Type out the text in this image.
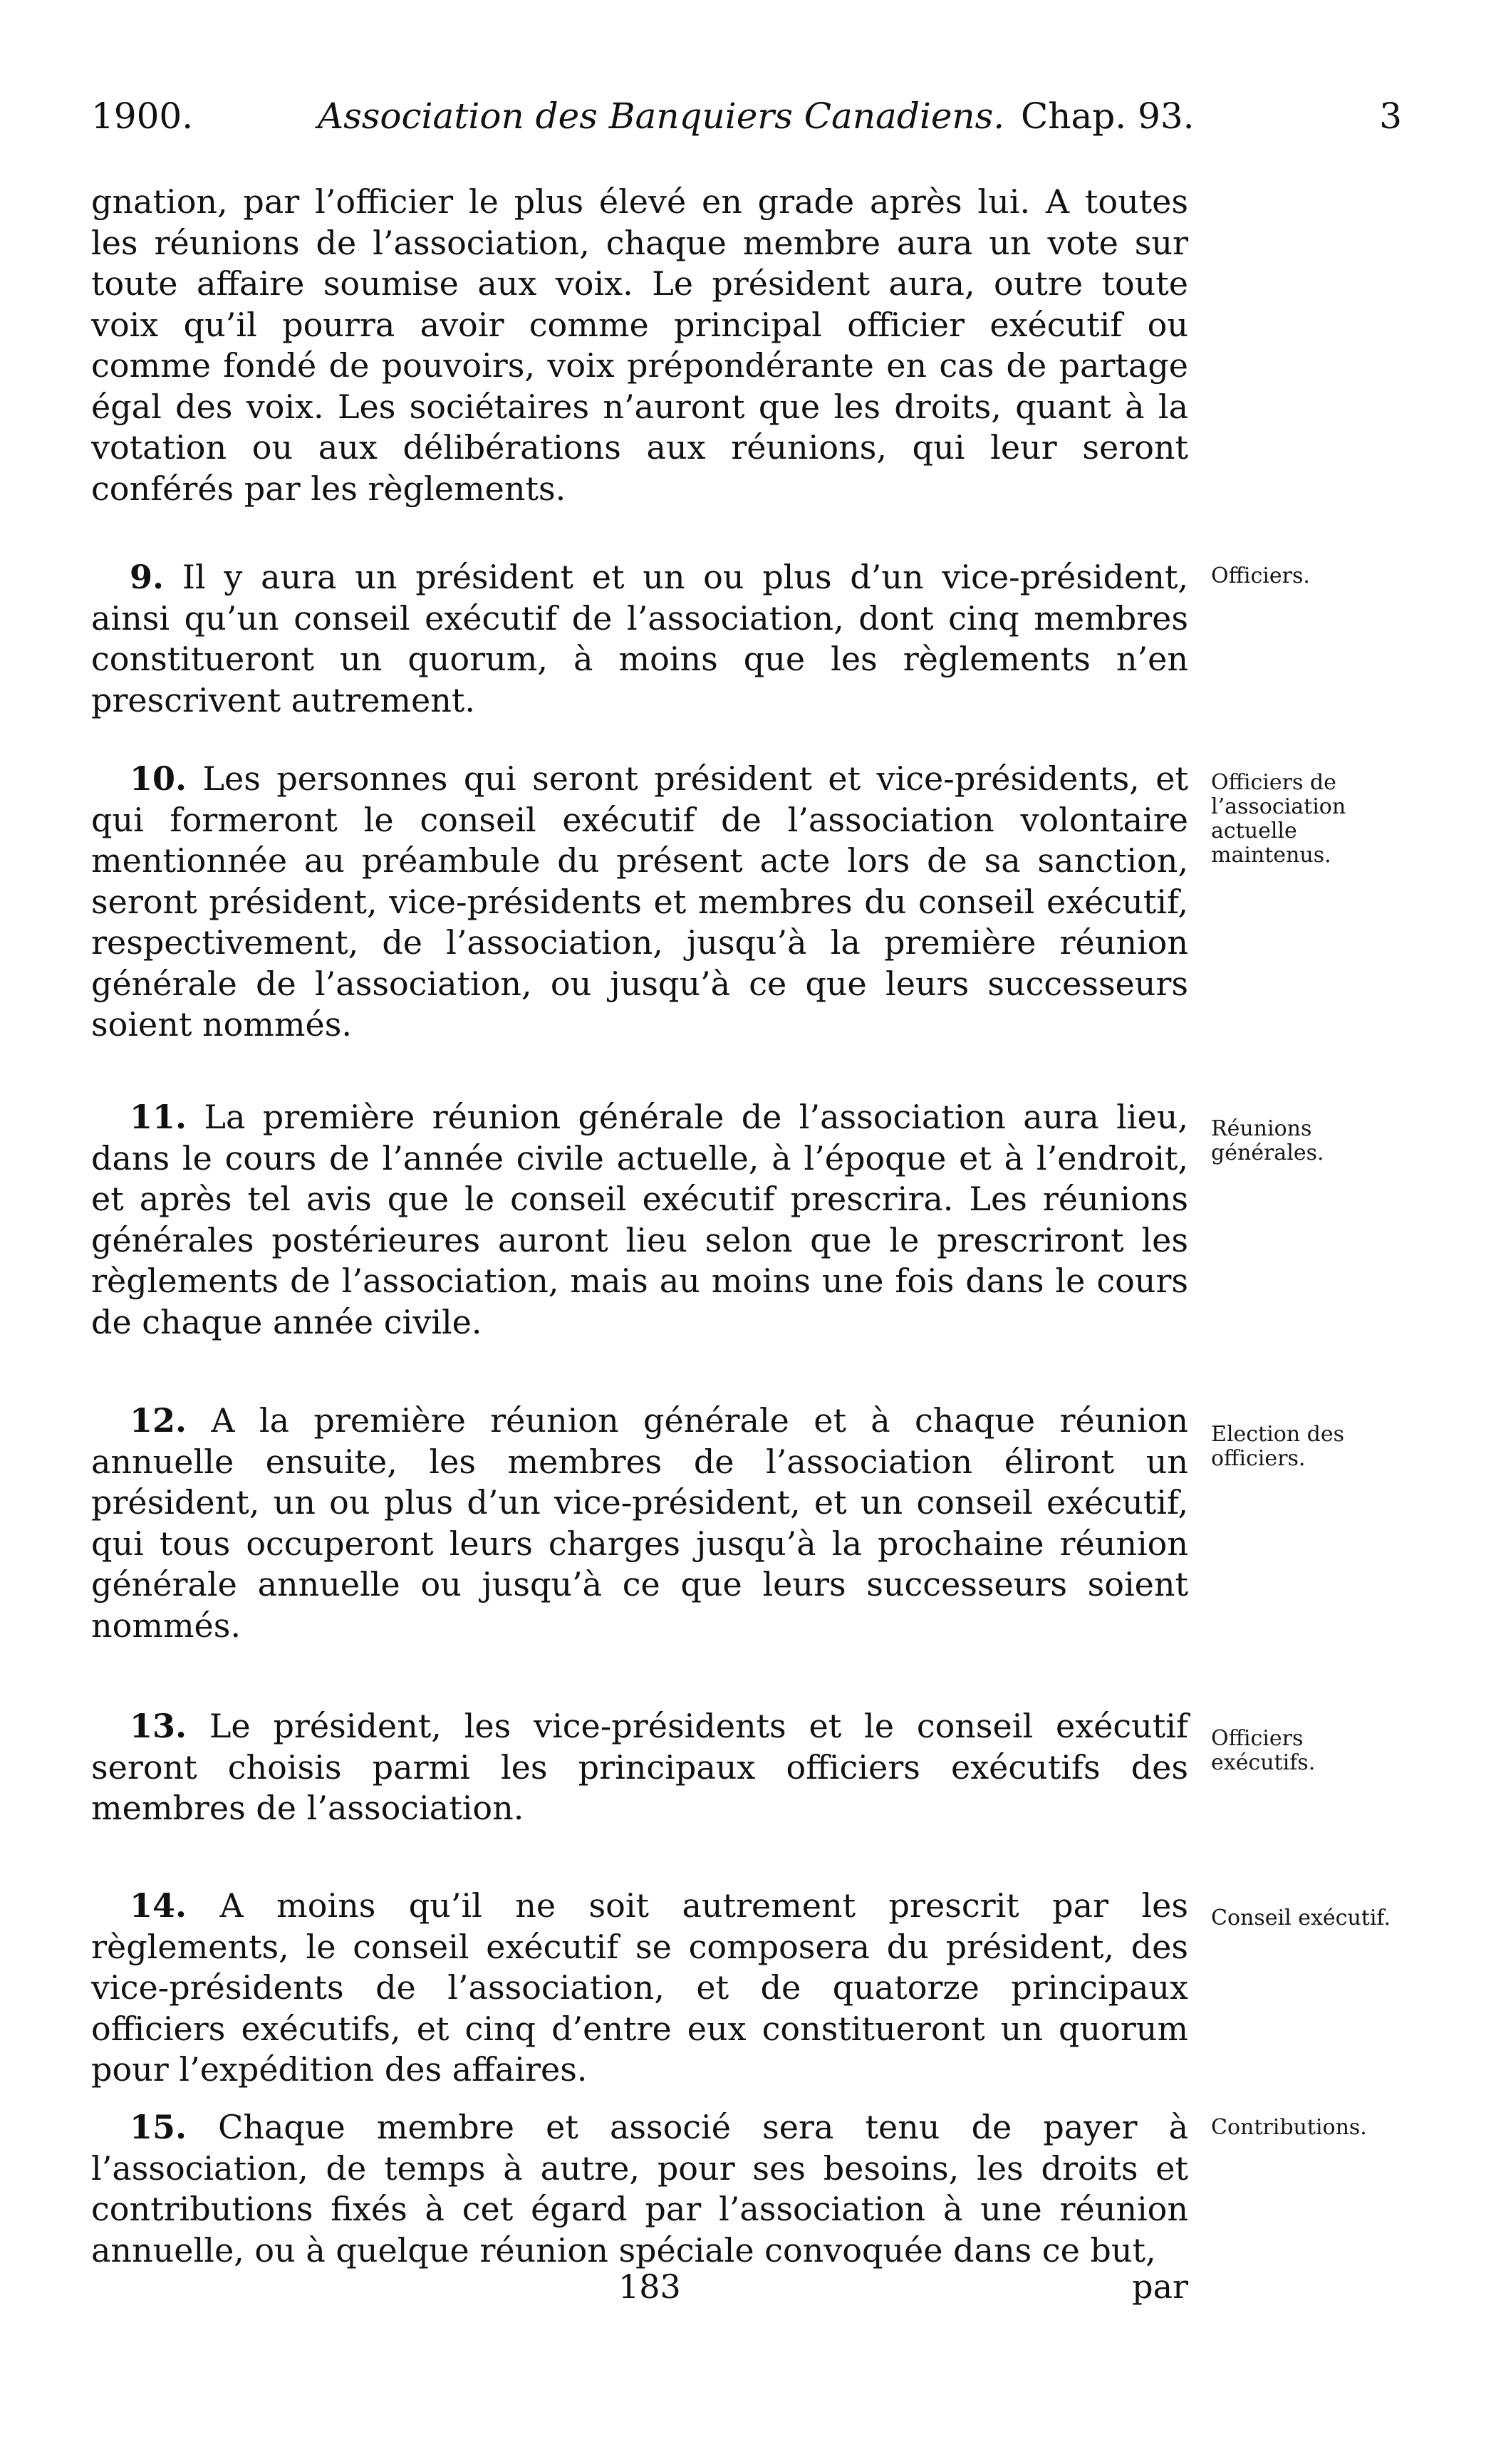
1900.	Association des Banquiers Canadiens. Chap. 93.	3

gnation, par l’officier le plus élevé en grade après lui. A toutes les réunions de l’association, chaque membre aura un vote sur toute affaire soumise aux voix. Le président aura, outre toute voix qu’il pourra avoir comme principal officier exécutif ou comme fondé de pouvoirs, voix prépondérante en cas de partage égal des voix. Les sociétaires n’auront que les droits, quant à la votation ou aux délibérations aux réunions, qui leur seront conférés par les règlements.

9. Il y aura un président et un ou plus d’un vice-président, ainsi qu’un conseil exécutif de l’association, dont cinq membres constitueront un quorum, à moins que les règlements n’en prescrivent autrement.

Officiers.

10. Les personnes qui seront président et vice-présidents, et qui formeront le conseil exécutif de l’association volontaire mentionnée au préambule du présent acte lors de sa sanction, seront président, vice-présidents et membres du conseil exécutif, respectivement, de l’association, jusqu’à la première réunion générale de l’association, ou jusqu’à ce que leurs successeurs soient nommés.

Officiers de l’association actuelle maintenus.

11. La première réunion générale de l’association aura lieu, dans le cours de l’année civile actuelle, à l’époque et à l’endroit, et après tel avis que le conseil exécutif prescrira. Les réunions générales postérieures auront lieu selon que le prescriront les règlements de l’association, mais au moins une fois dans le cours de chaque année civile.

Réunions générales.

12. A la première réunion générale et à chaque réunion annuelle ensuite, les membres de l’association éliront un président, un ou plus d’un vice-président, et un conseil exécutif, qui tous occuperont leurs charges jusqu’à la prochaine réunion générale annuelle ou jusqu’à ce que leurs successeurs soient nommés.

Election des officiers.

13. Le président, les vice-présidents et le conseil exécutif seront choisis parmi les principaux officiers exécutifs des membres de l’association.

Officiers exécutifs.

14. A moins qu’il ne soit autrement prescrit par les règlements, le conseil exécutif se composera du président, des vice-présidents de l’association, et de quatorze principaux officiers exécutifs, et cinq d’entre eux constitueront un quorum pour l’expédition des affaires.

Conseil exécutif.

15. Chaque membre et associé sera tenu de payer à l’association, de temps à autre, pour ses besoins, les droits et contributions fixés à cet égard par l’association à une réunion annuelle, ou à quelque réunion spéciale convoquée dans ce but,

Contributions.
183	par
